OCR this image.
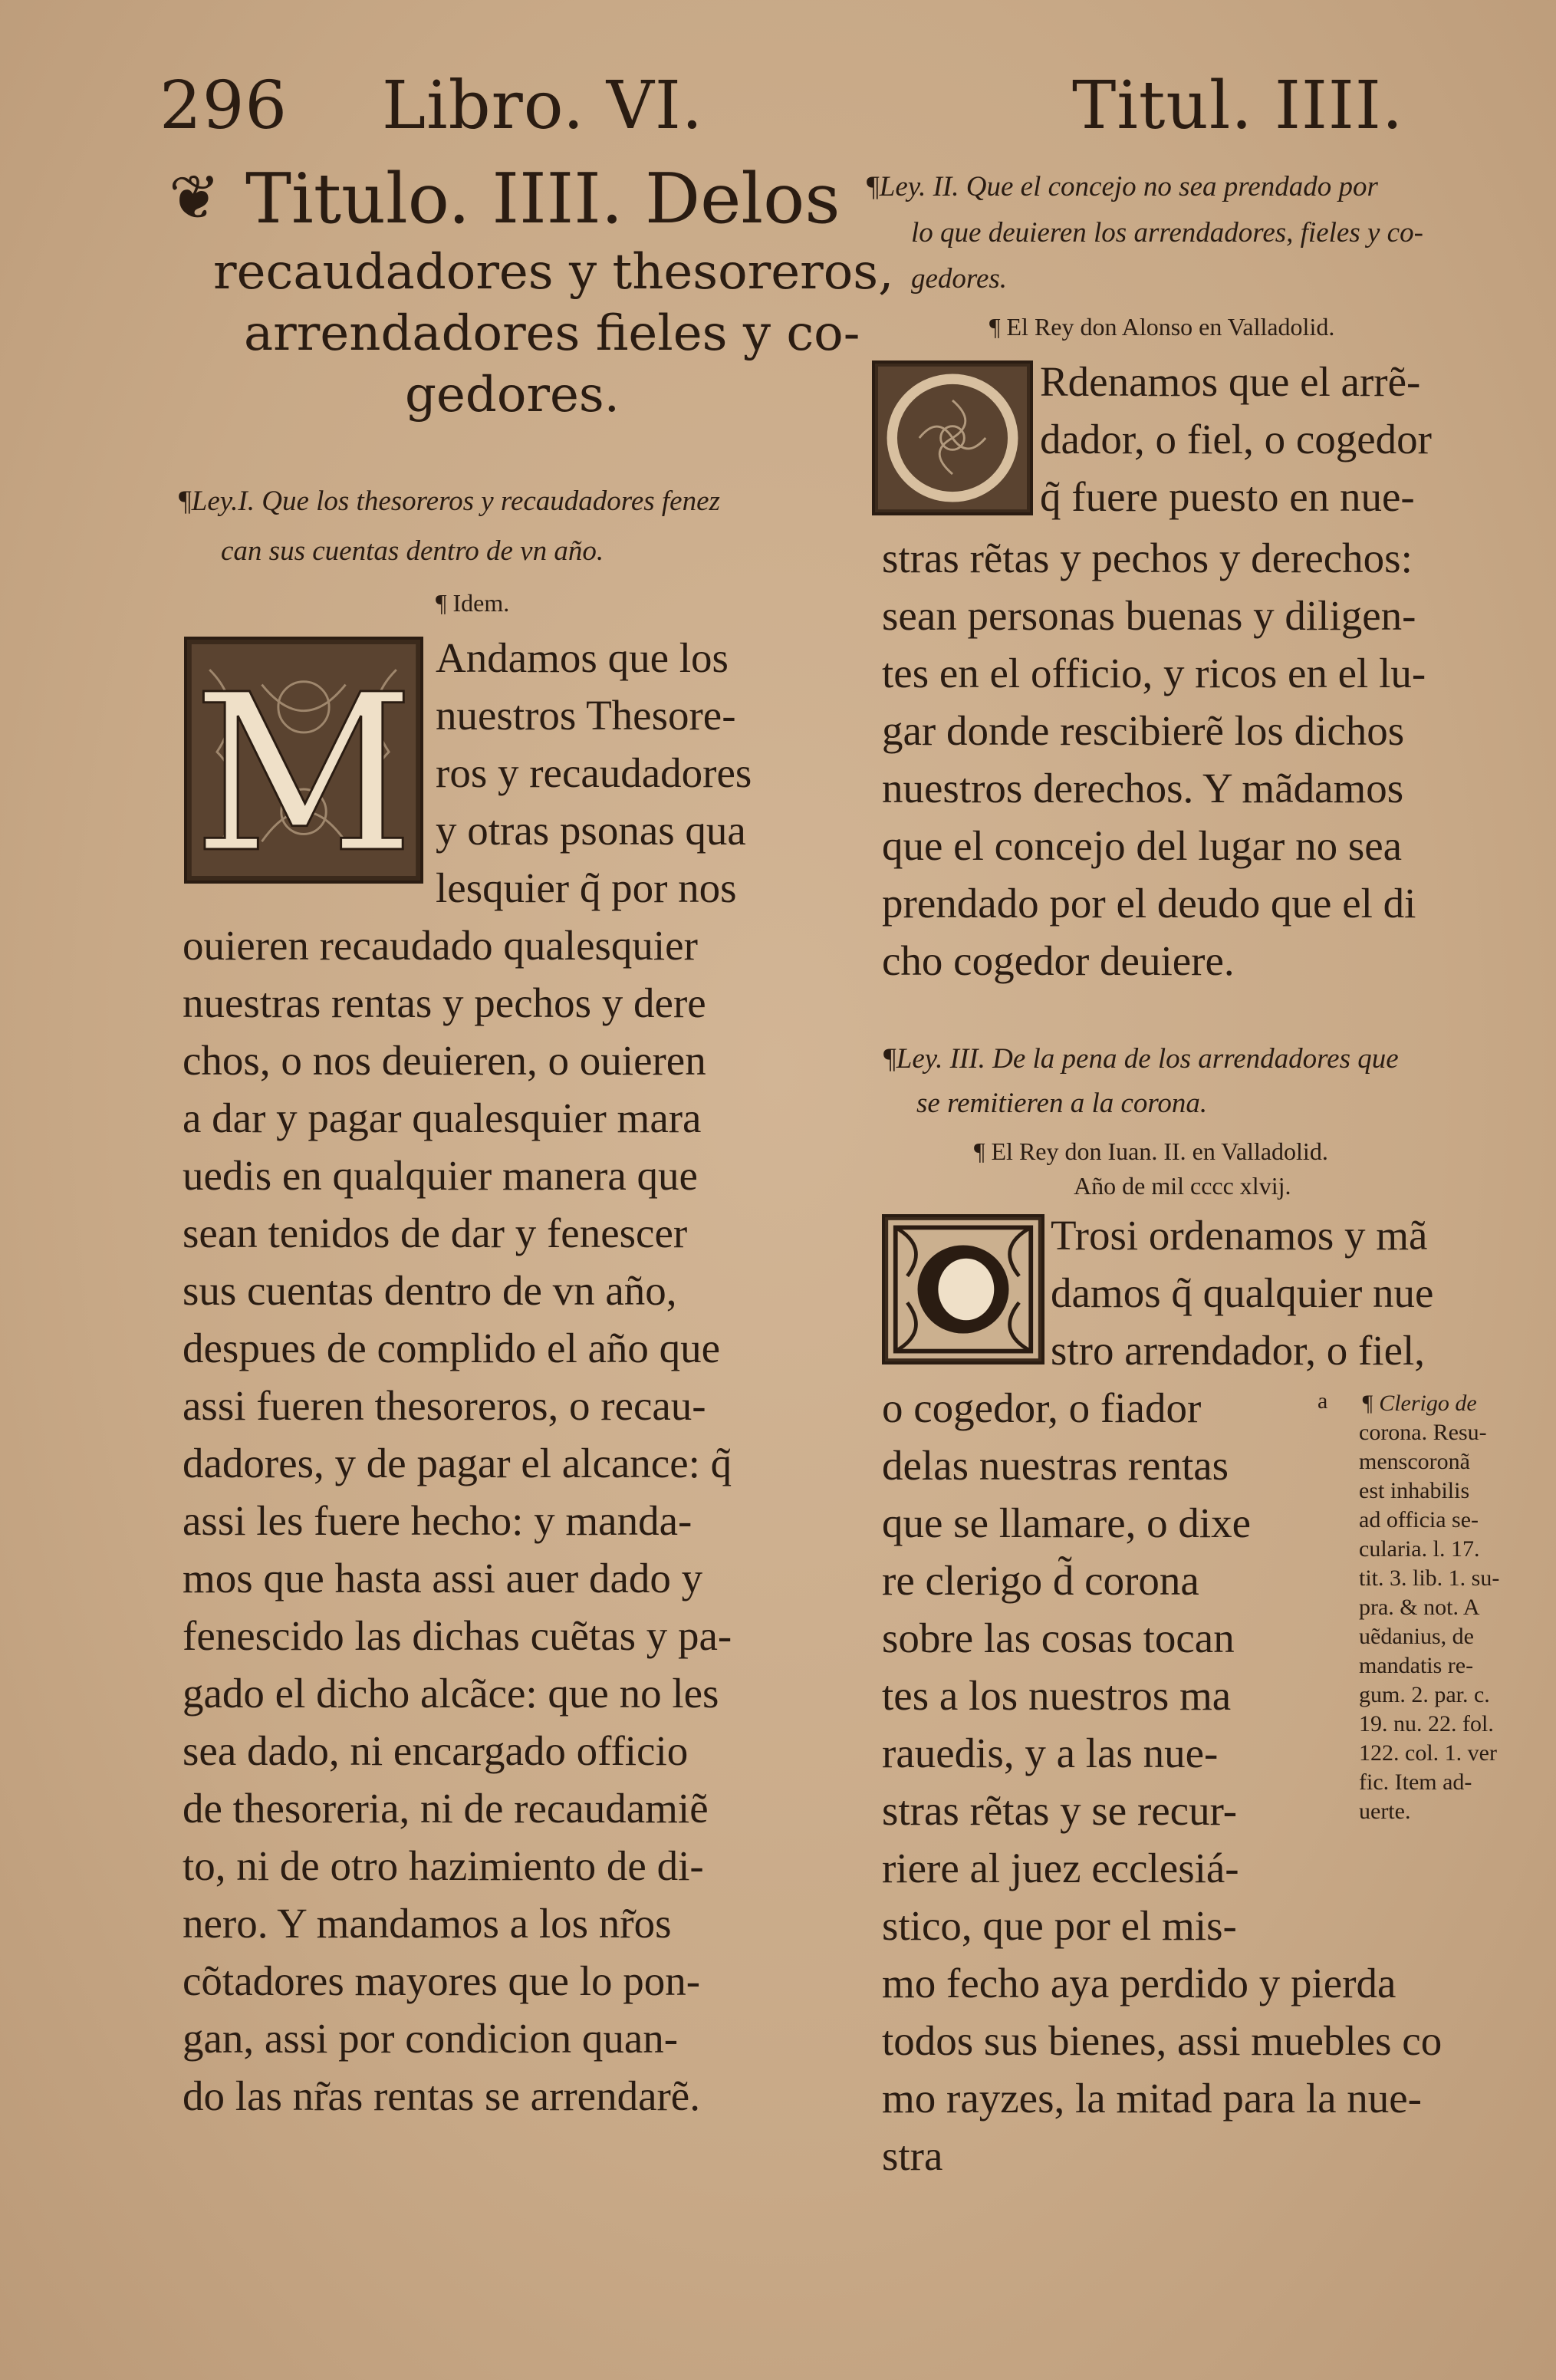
296 Libro. VI.	Titul. IIII.
❦ Titulo. IIII. Delos
recaudadores y thesoreros,
arrendadores fieles y co-
gedores.
¶Ley.I. Que los thesoreros y recaudadores fenez
can sus cuentas dentro de vn año.
¶ Idem.
M Andamos que los
nuestros Thesore-
ros y recaudadores
y otras psonas qua
lesquier q̃ por nos
ouieren recaudado qualesquier
nuestras rentas y pechos y dere
chos, o nos deuieren, o ouieren
a dar y pagar qualesquier mara
uedis en qualquier manera que
sean tenidos de dar y fenescer
sus cuentas dentro de vn año,
despues de complido el año que
assi fueren thesoreros, o recau-
dadores, y de pagar el alcance: q̃
assi les fuere hecho: y manda-
mos que hasta assi auer dado y
fenescido las dichas cuẽtas y pa-
gado el dicho alcãce: que no les
sea dado, ni encargado officio
de thesoreria, ni de recaudamiẽ
to, ni de otro hazimiento de di-
nero. Y mandamos a los nr̃os
cõtadores mayores que lo pon-
gan, assi por condicion quan-
do las nr̃as rentas se arrendarẽ.
¶Ley. II. Que el concejo no sea prendado por
lo que deuieren los arrendadores, fieles y co-
gedores.
¶ El Rey don Alonso en Valladolid.
Rdenamos que el arrẽ-
dador, o fiel, o cogedor
q̃ fuere puesto en nue-
stras rẽtas y pechos y derechos:
sean personas buenas y diligen-
tes en el officio, y ricos en el lu-
gar donde rescibierẽ los dichos
nuestros derechos. Y mãdamos
que el concejo del lugar no sea
prendado por el deudo que el di
cho cogedor deuiere.
¶Ley. III. De la pena de los arrendadores que
se remitieren a la corona.
¶ El Rey don Iuan. II. en Valladolid.
Año de mil cccc xlvij.
Trosi ordenamos y mã
damos q̃ qualquier nue
stro arrendador, o fiel,
o cogedor, o fiador
delas nuestras rentas
que se llamare, o dixe
re clerigo d̃ corona
sobre las cosas tocan
tes a los nuestros ma
rauedis, y a las nue-
stras rẽtas y se recur-
riere al juez ecclesiá-
stico, que por el mis-
mo fecho aya perdido y pierda
todos sus bienes, assi muebles co
mo rayzes, la mitad para la nue-
stra
a ¶ Clerigo de
corona. Resu-
menscoronã
est inhabilis
ad officia se-
cularia. l. 17.
tit. 3. lib. 1. su-
pra. & not. A
uẽdanius, de
mandatis re-
gum. 2. par. c.
19. nu. 22. fol.
122. col. 1. ver
fic. Item ad-
uerte.
